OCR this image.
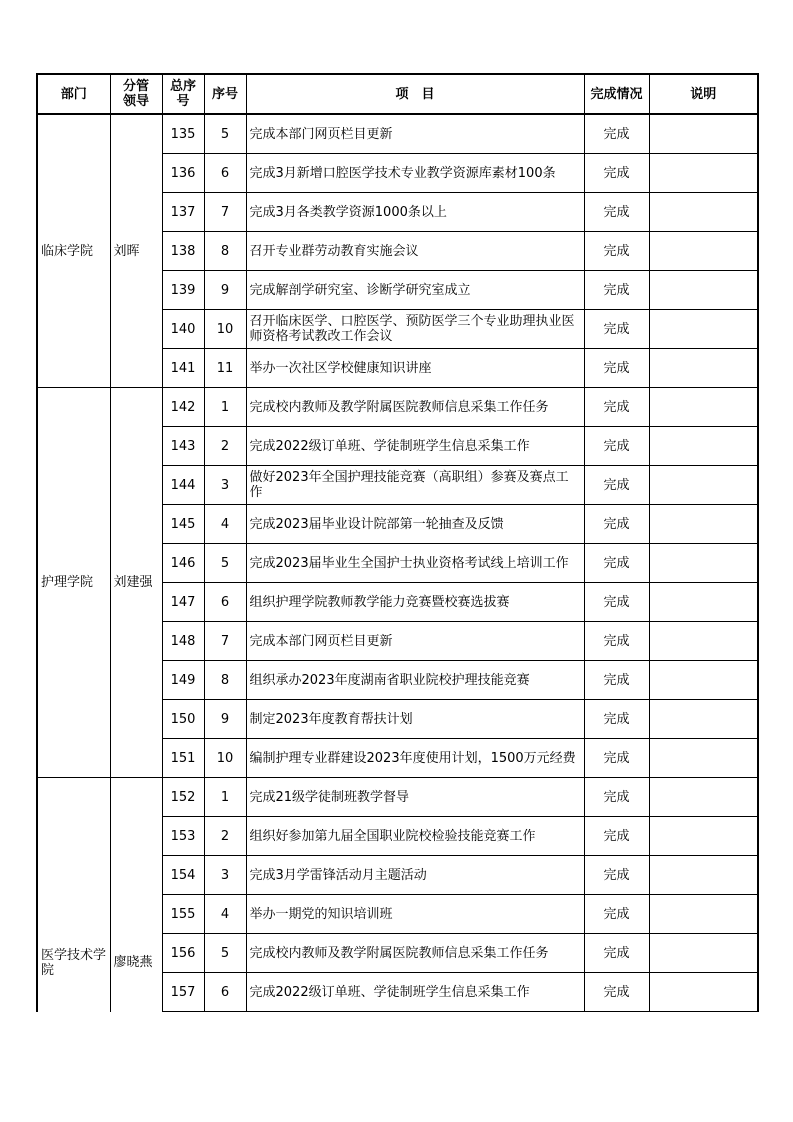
部门	分管领导	总序号	序号	项　目	完成情况	说明
临床学院	刘晖	135	5	完成本部门网页栏目更新	完成	
		136	6	完成3月新增口腔医学技术专业教学资源库素材100条	完成	
		137	7	完成3月各类教学资源1000条以上	完成	
		138	8	召开专业群劳动教育实施会议	完成	
		139	9	完成解剖学研究室、诊断学研究室成立	完成	
		140	10	召开临床医学、口腔医学、预防医学三个专业助理执业医师资格考试教改工作会议	完成	
		141	11	举办一次社区学校健康知识讲座	完成	
护理学院	刘建强	142	1	完成校内教师及教学附属医院教师信息采集工作任务	完成	
		143	2	完成2022级订单班、学徒制班学生信息采集工作	完成	
		144	3	做好2023年全国护理技能竞赛（高职组）参赛及赛点工作	完成	
		145	4	完成2023届毕业设计院部第一轮抽查及反馈	完成	
		146	5	完成2023届毕业生全国护士执业资格考试线上培训工作	完成	
		147	6	组织护理学院教师教学能力竞赛暨校赛选拔赛	完成	
		148	7	完成本部门网页栏目更新	完成	
		149	8	组织承办2023年度湖南省职业院校护理技能竞赛	完成	
		150	9	制定2023年度教育帮扶计划	完成	
		151	10	编制护理专业群建设2023年度使用计划，1500万元经费	完成	
医学技术学院	廖晓燕	152	1	完成21级学徒制班教学督导	完成	
		153	2	组织好参加第九届全国职业院校检验技能竞赛工作	完成	
		154	3	完成3月学雷锋活动月主题活动	完成	
		155	4	举办一期党的知识培训班	完成	
		156	5	完成校内教师及教学附属医院教师信息采集工作任务	完成	
		157	6	完成2022级订单班、学徒制班学生信息采集工作	完成	
